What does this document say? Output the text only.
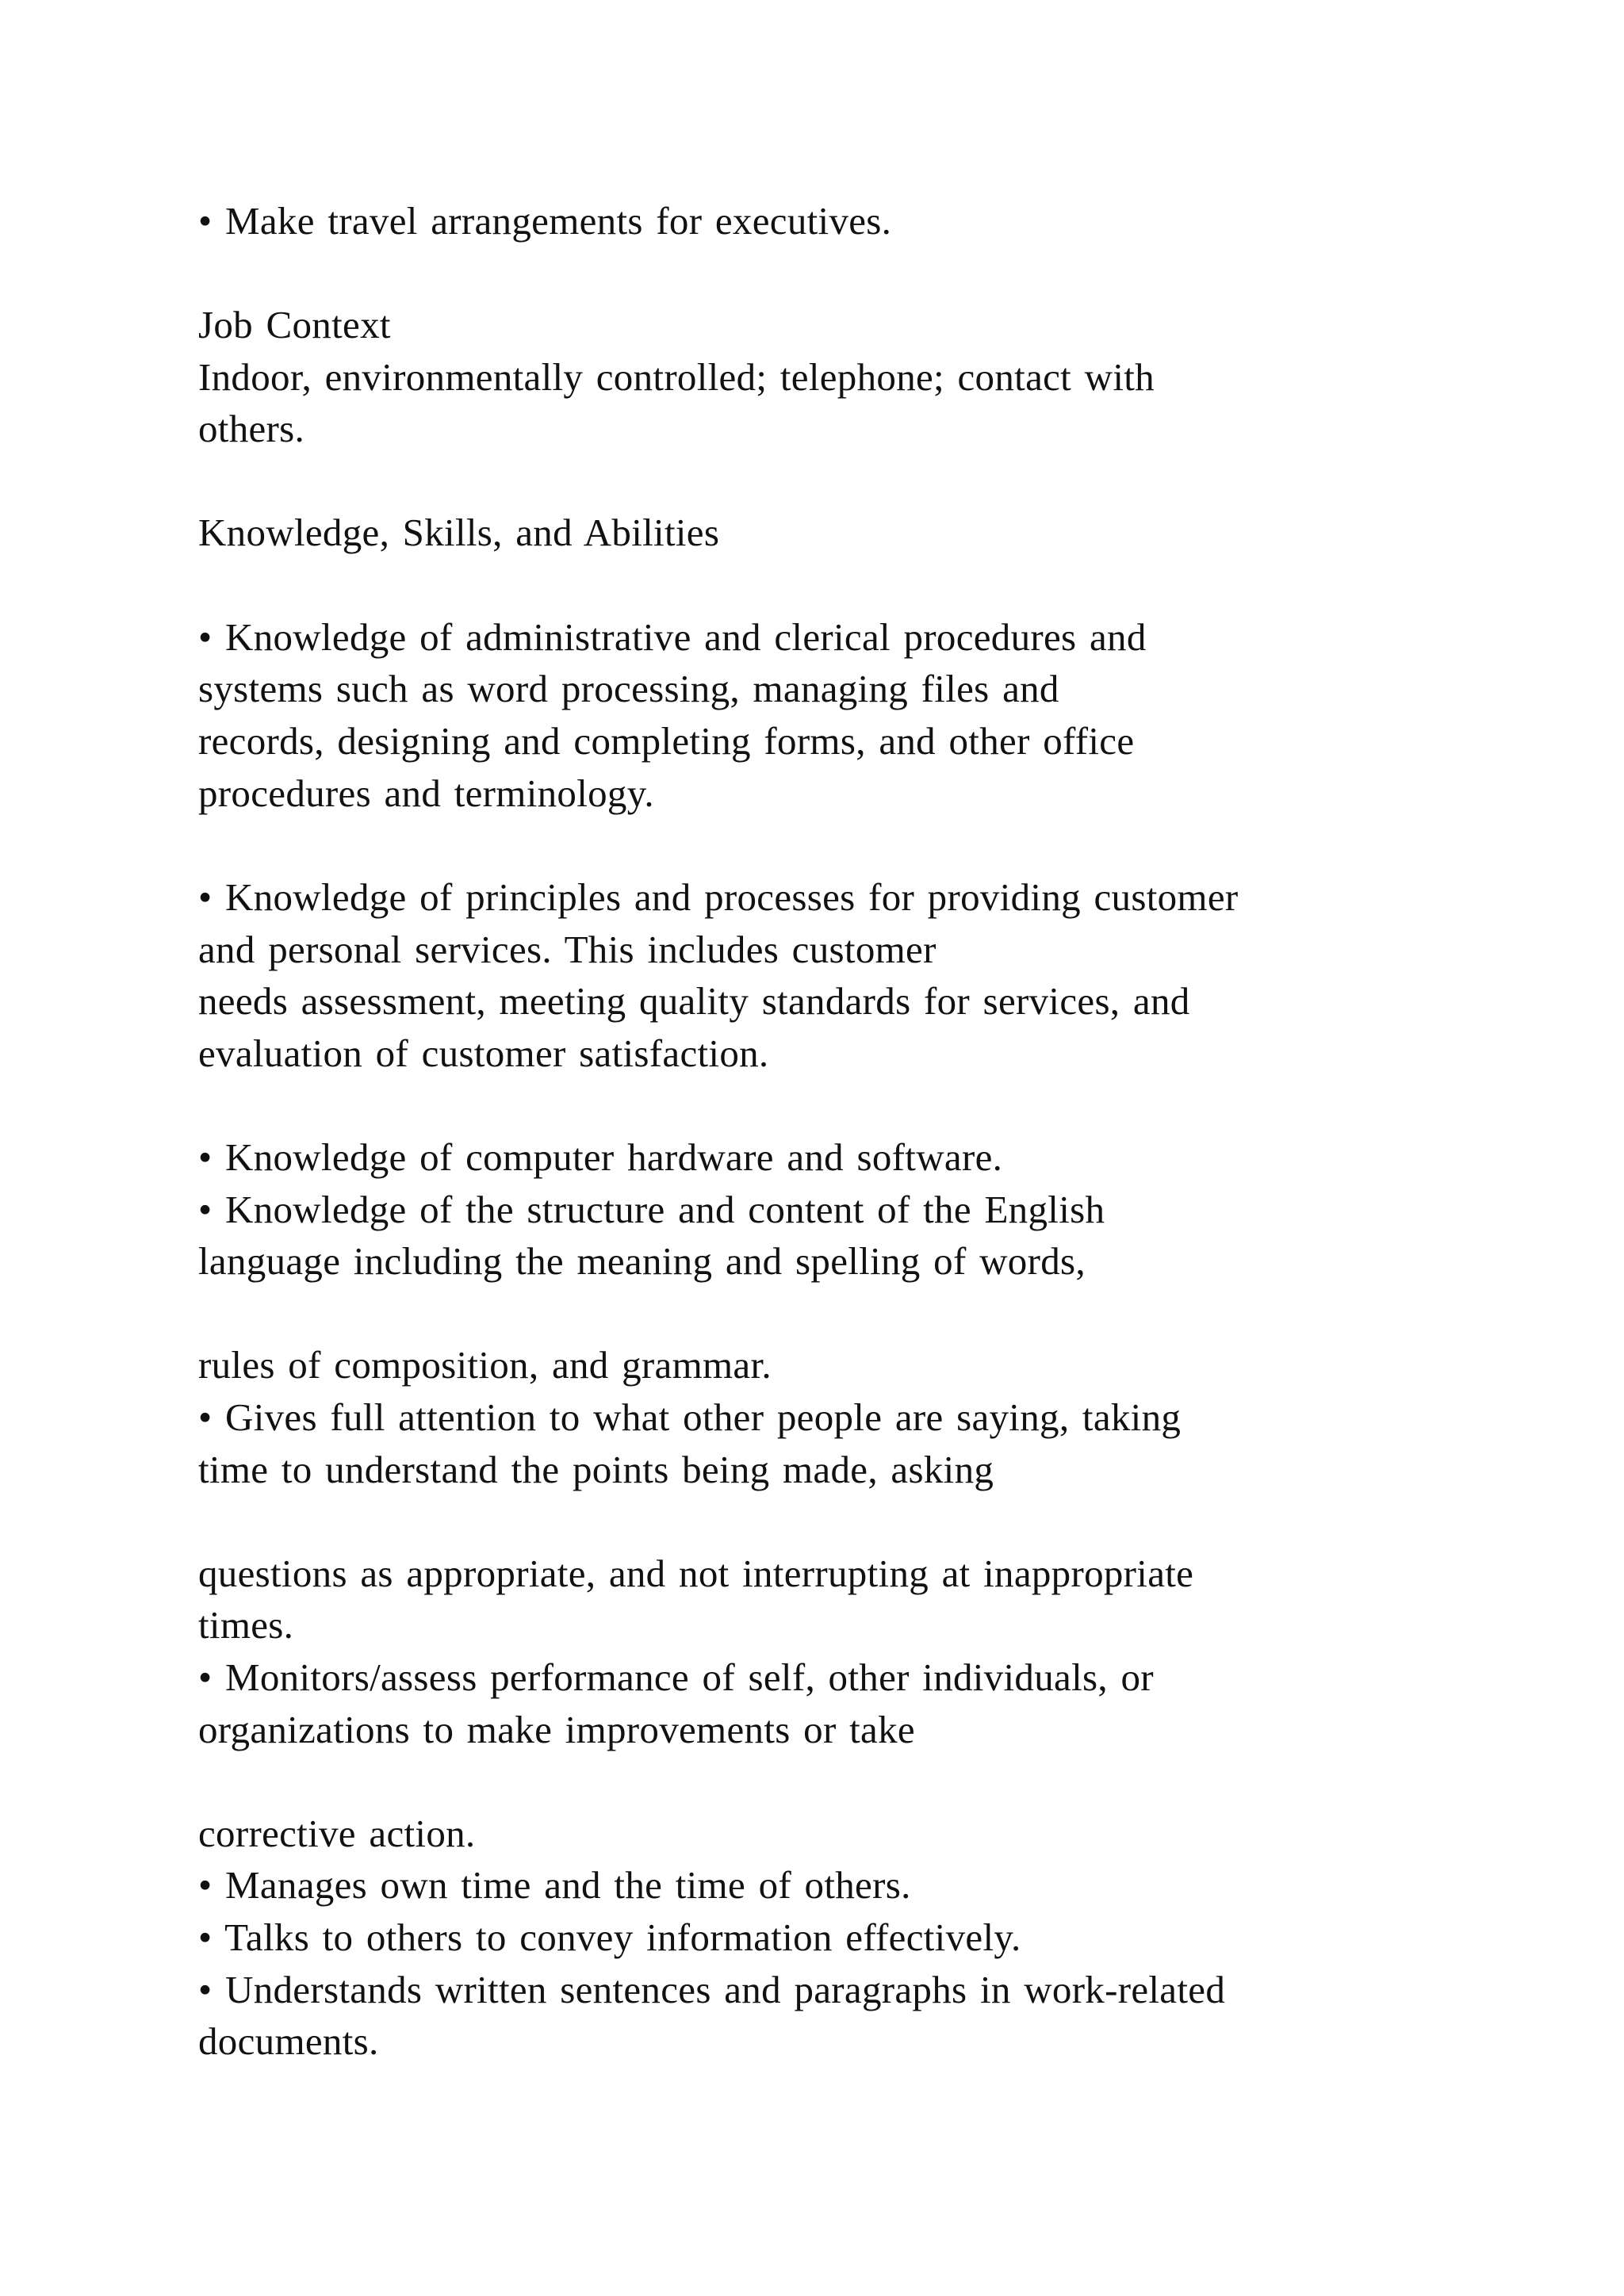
• Make travel arrangements for executives.

Job Context

Indoor, environmentally controlled; telephone; contact with

others.

Knowledge, Skills, and Abilities

• Knowledge of administrative and clerical procedures and

systems such as word processing, managing files and

records, designing and completing forms, and other office

procedures and terminology.

• Knowledge of principles and processes for providing customer

and personal services. This includes customer

needs assessment, meeting quality standards for services, and

evaluation of customer satisfaction.

• Knowledge of computer hardware and software.

• Knowledge of the structure and content of the English

language including the meaning and spelling of words,

rules of composition, and grammar.

• Gives full attention to what other people are saying, taking

time to understand the points being made, asking

questions as appropriate, and not interrupting at inappropriate

times.

• Monitors/assess performance of self, other individuals, or

organizations to make improvements or take

corrective action.

• Manages own time and the time of others.

• Talks to others to convey information effectively.

• Understands written sentences and paragraphs in work-related

documents.
